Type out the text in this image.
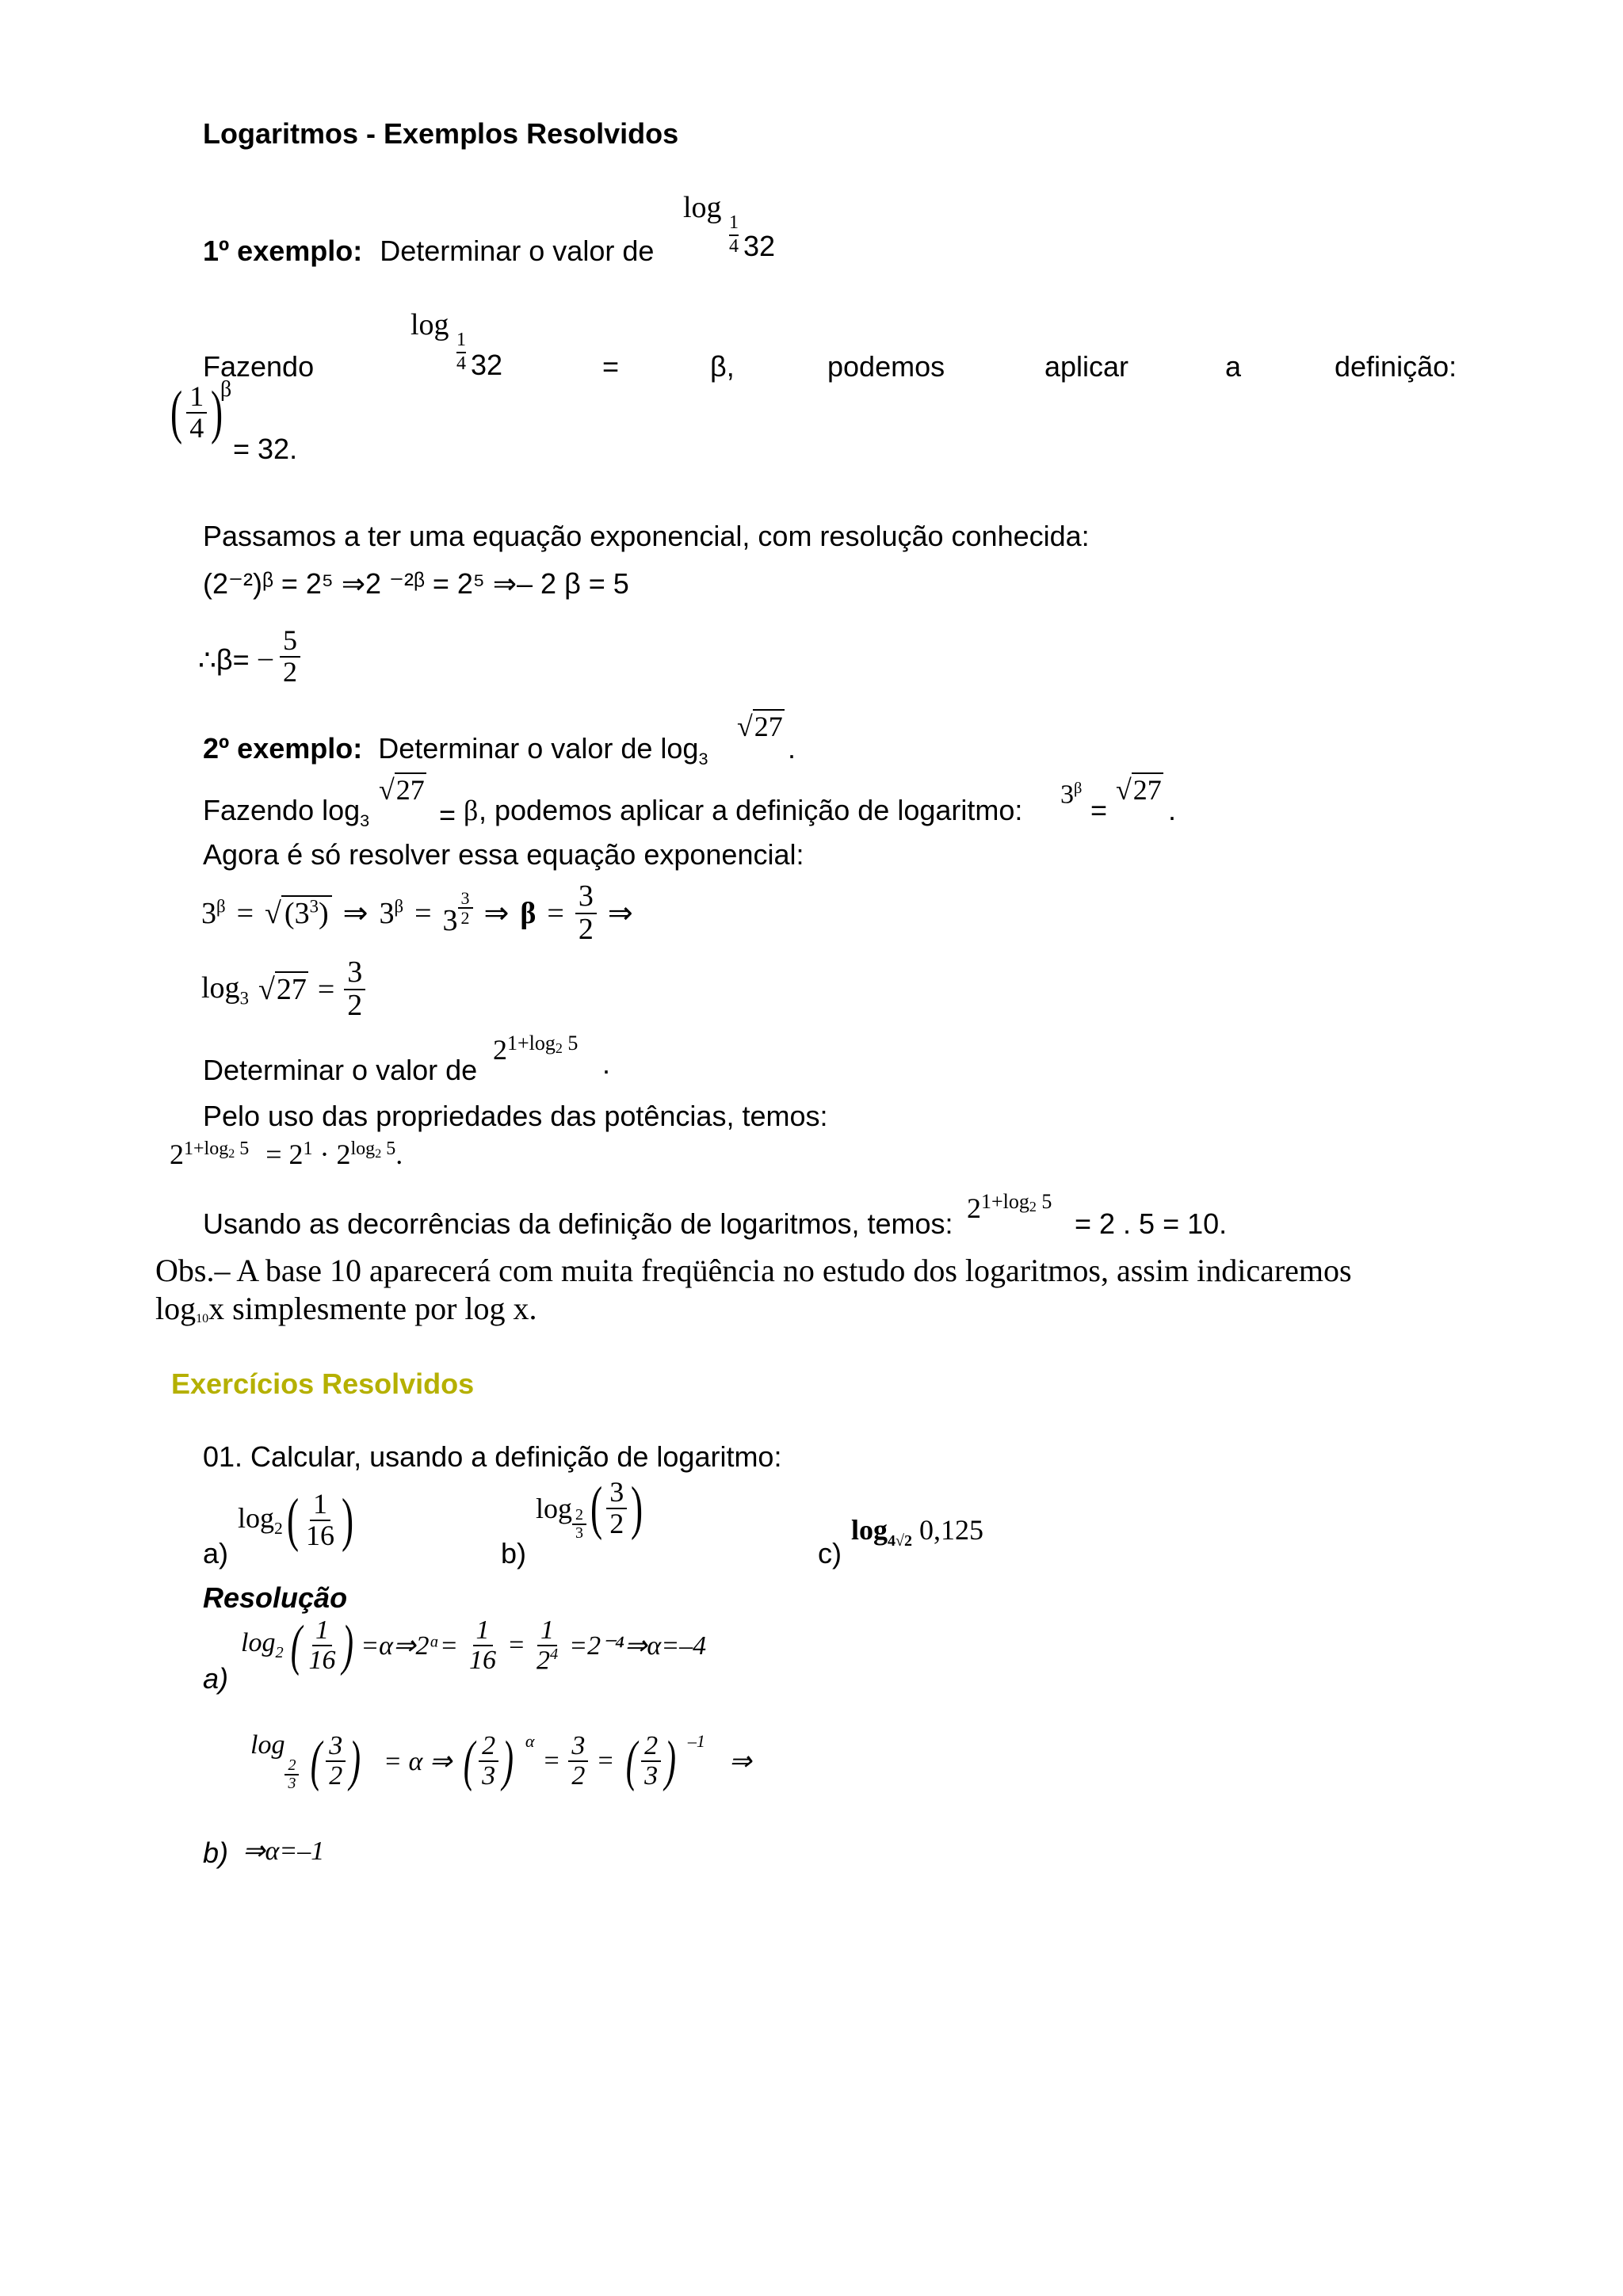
Logaritmos - Exemplos Resolvidos
1º exemplo: Determinar o valor de
log 1
4 32
Fazendo
log 1
4 32	=	β,	podemos	aplicar	a	definição:
( $\frac{1}{4}$ )
β
= 32.
Passamos a ter uma equação exponencial, com resolução conhecida:
(2⁻²)ᵝ = 2⁵ ⇒2 ⁻²ᵝ = 2⁵ ⇒– 2 β = 5
∴β= – $\frac{5}{2}$
2º exemplo: Determinar o valor de $\log_3$
√ 27
.
Fazendo $\log_3$
√ 27
= β , podemos aplicar a definição de logaritmo: $3^\beta$
=
√ 27
.
Agora é só resolver essa equação exponencial:
$3^\beta$ = √	$(3^3)$ ⇒ $3^\beta = 3 \frac{3}{2}$ ⇒ $\beta = \frac{3}{2}$ ⇒
$\log_3$ √ $27 = \frac{3}{2}$
Determinar o valor de
$2^{1+log2 5}$
.
Pelo uso das propriedades das potências, temos:
$2^{1+log2 5} = 2^1 \cdot 2^{log2 5}$.
Usando as decorrências da definição de logaritmos, temos: $2^{1+log2 5}$
= 2 . 5 = 10.
Obs.– A base 10 aparecerá com muita freqüência no estudo dos logaritmos, assim indicaremos
log10x simplesmente por log x.
Exercícios Resolvidos
01. Calcular, usando a definição de logaritmo:
a)
$\log_2$ ( $\frac{1}{16}$ )
b)
$\log \frac{2}{3}$ ( $\frac{3}{2}$ )
c)
$\log_{4√2} 0,125$
Resolução
a)
$\log_2$ ( $\frac{1}{16}$ ) =α⇒2ᵅ= $\frac{1}{16} = \frac{1}{2^4}$ =2⁻⁴⇒α=–4
log
$\frac{2}{3}$ ( $\frac{3}{2}$ ) = α ⇒ ( $\frac{2}{3}$ ) α
= $\frac{3}{2}$ = ( $\frac{2}{3}$ ) –1
⇒
b) ⇒α=–1
